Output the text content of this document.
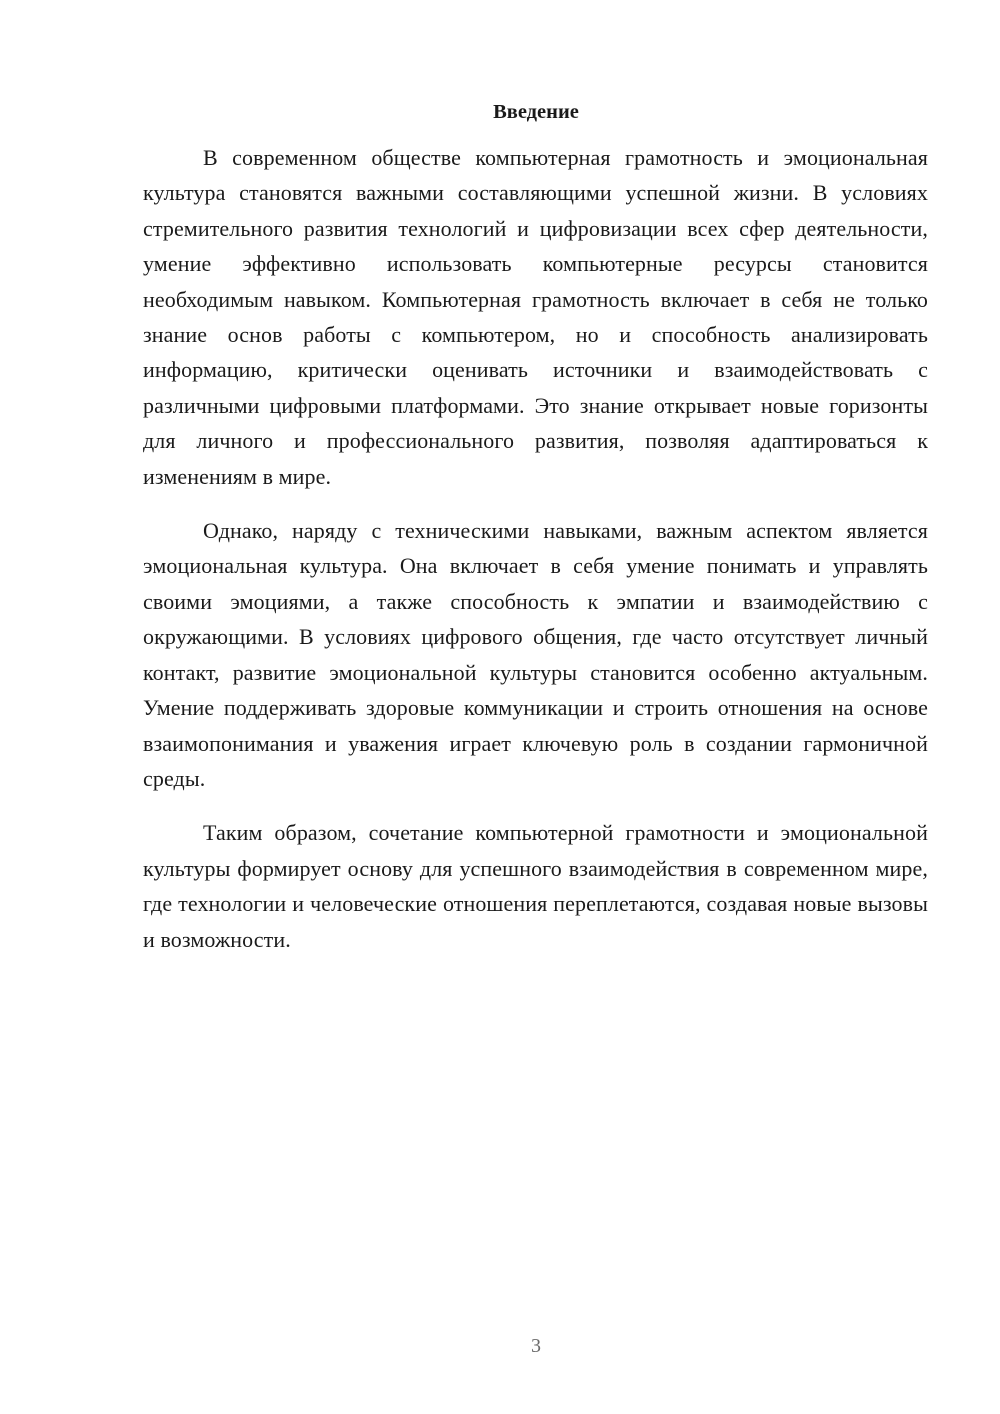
Введение

В современном обществе компьютерная грамотность и эмоциональная культура становятся важными составляющими успешной жизни. В условиях стремительного развития технологий и цифровизации всех сфер деятельности, умение эффективно использовать компьютерные ресурсы становится необходимым навыком. Компьютерная грамотность включает в себя не только знание основ работы с компьютером, но и способность анализировать информацию, критически оценивать источники и взаимодействовать с различными цифровыми платформами. Это знание открывает новые горизонты для личного и профессионального развития, позволяя адаптироваться к изменениям в мире.

Однако, наряду с техническими навыками, важным аспектом является эмоциональная культура. Она включает в себя умение понимать и управлять своими эмоциями, а также способность к эмпатии и взаимодействию с окружающими. В условиях цифрового общения, где часто отсутствует личный контакт, развитие эмоциональной культуры становится особенно актуальным. Умение поддерживать здоровые коммуникации и строить отношения на основе взаимопонимания и уважения играет ключевую роль в создании гармоничной среды.

Таким образом, сочетание компьютерной грамотности и эмоциональной культуры формирует основу для успешного взаимодействия в современном мире, где технологии и человеческие отношения переплетаются, создавая новые вызовы и возможности.

3
